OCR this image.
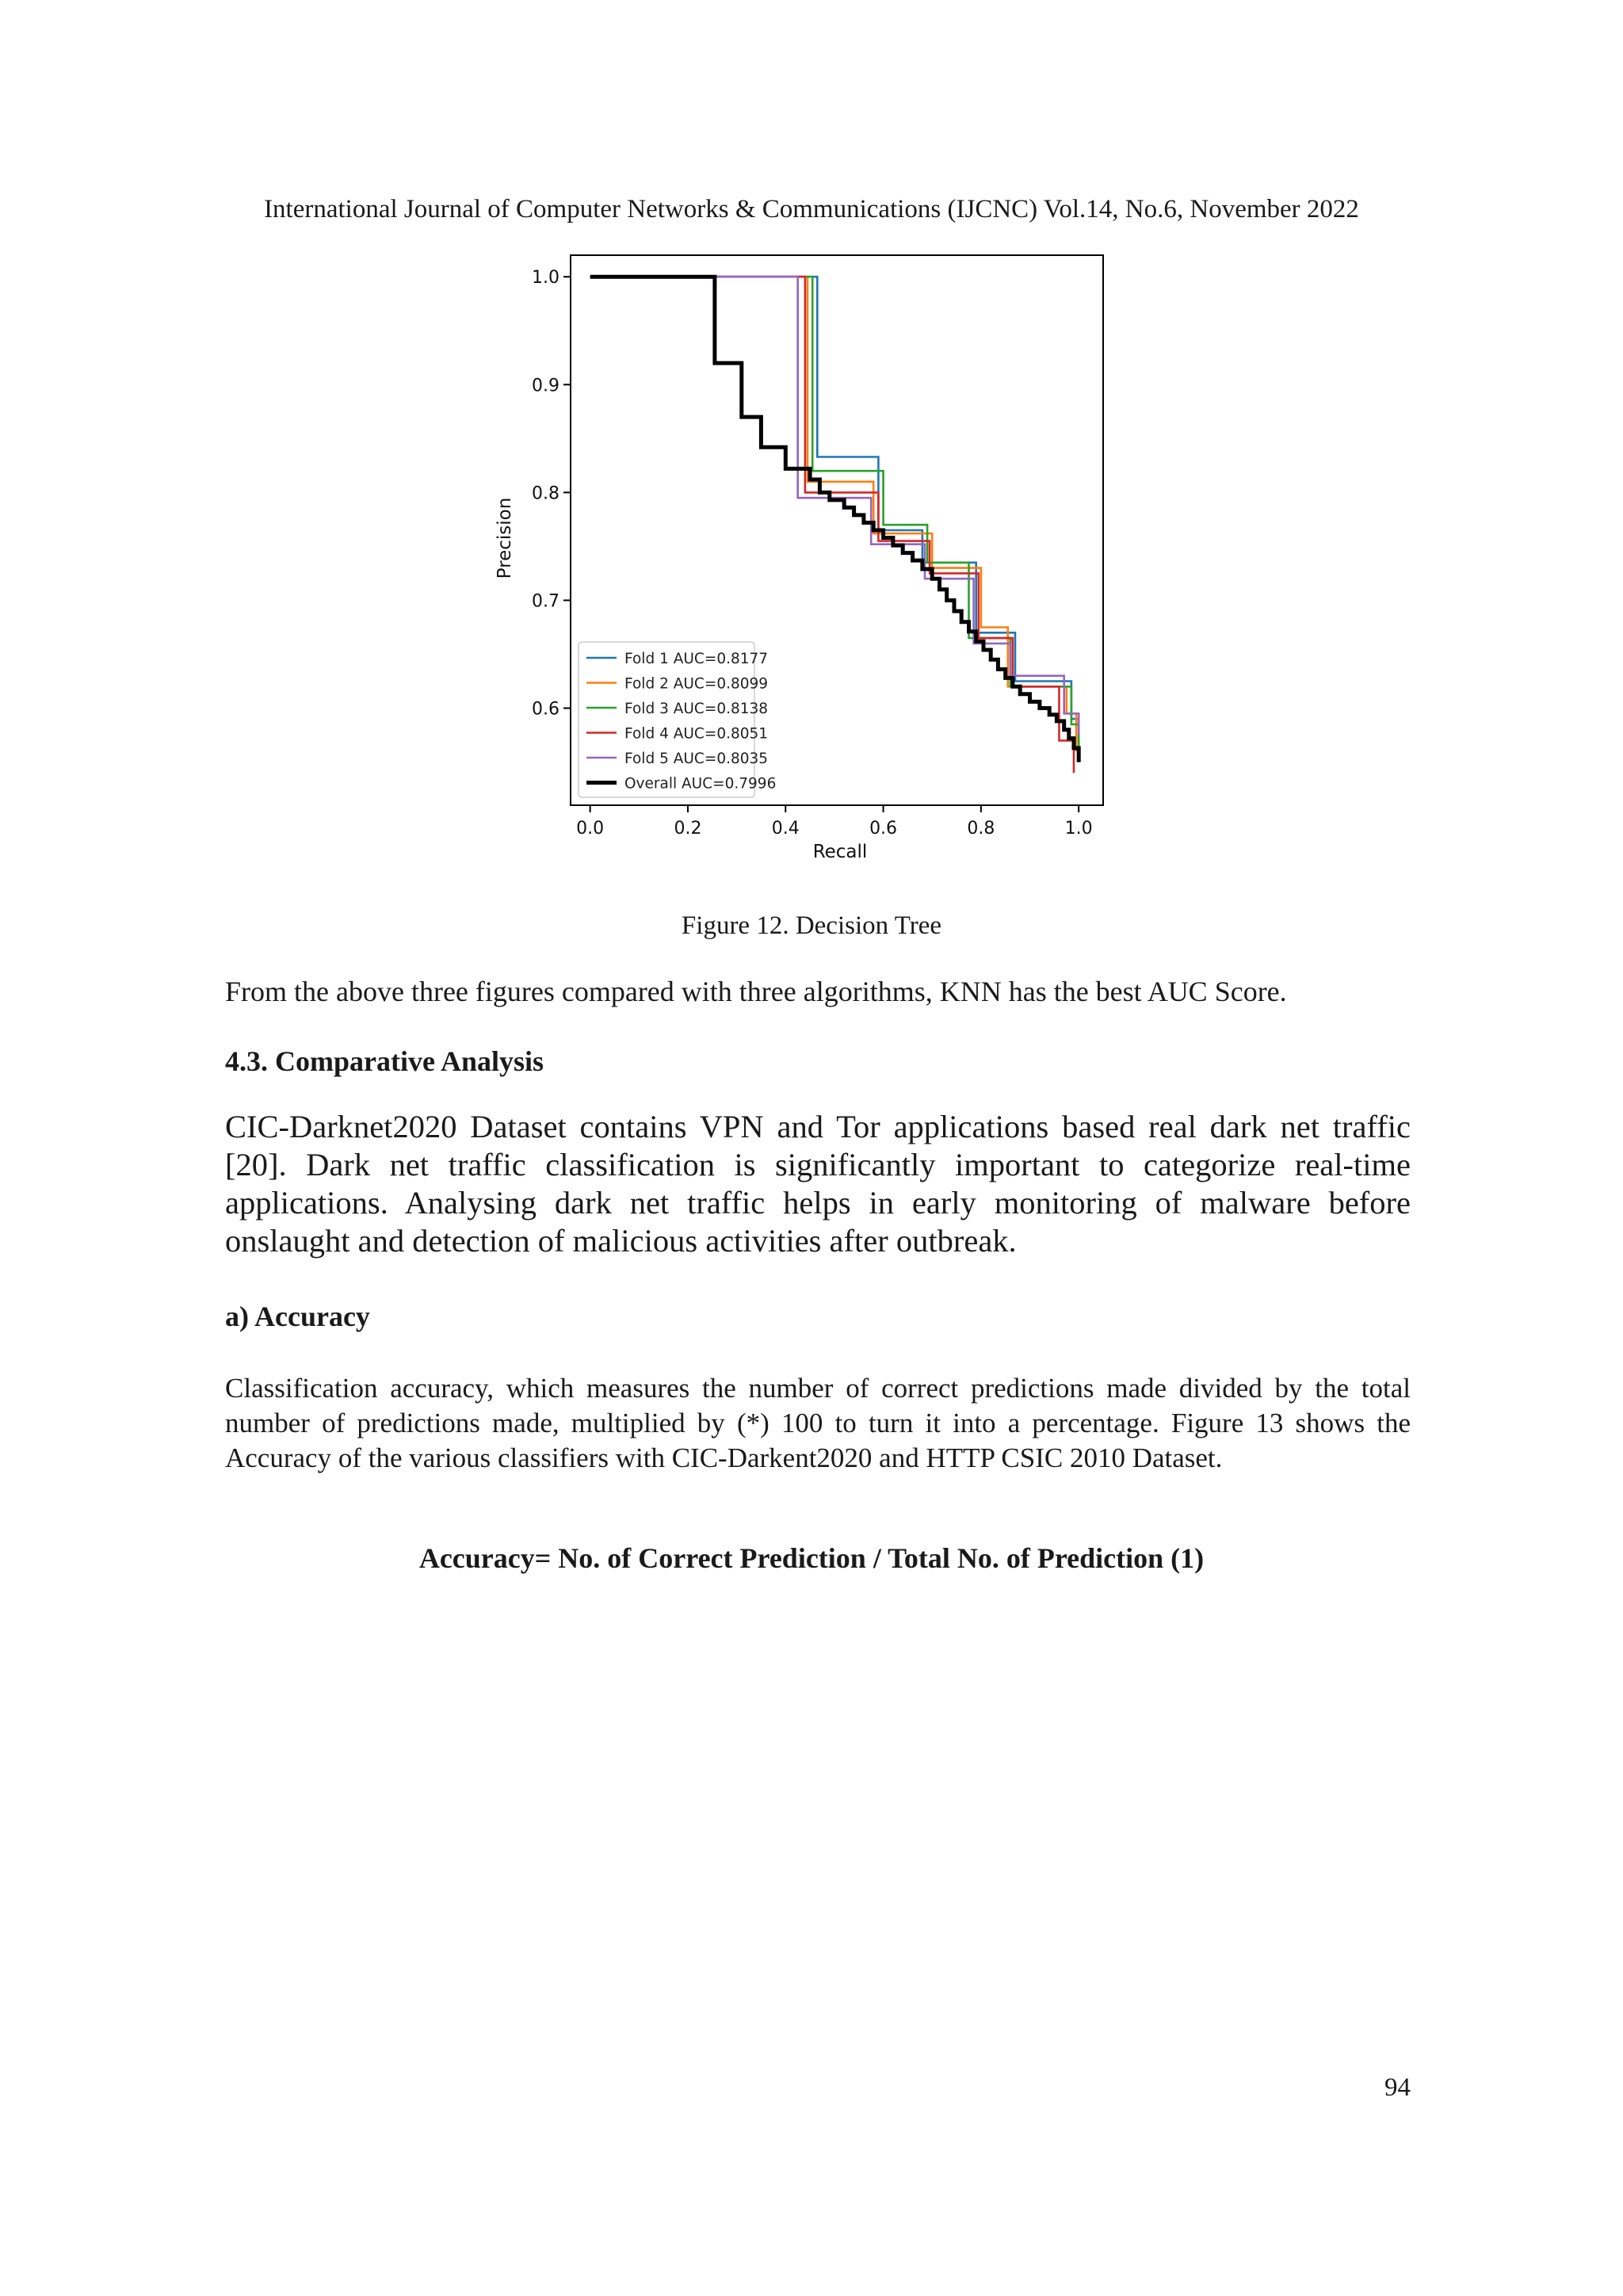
International Journal of Computer Networks & Communications (IJCNC) Vol.14, No.6, November 2022
0.0	0.2	0.4	0.6	0.8	1.0
0.6
0.7
0.8
0.9
1.0
Recall
Precision
Fold 1 AUC=0.8177
Fold 2 AUC=0.8099
Fold 3 AUC=0.8138
Fold 4 AUC=0.8051
Fold 5 AUC=0.8035
Overall AUC=0.7996
Figure 12. Decision Tree
From the above three figures compared with three algorithms, KNN has the best AUC Score.
4.3. Comparative Analysis
CIC-Darknet2020 Dataset contains VPN and Tor applications based real dark net traffic [20]. Dark net traffic classification is significantly important to categorize real-time applications. Analysing dark net traffic helps in early monitoring of malware before onslaught and detection of malicious activities after outbreak.
a) Accuracy
Classification accuracy, which measures the number of correct predictions made divided by the total number of predictions made, multiplied by (*) 100 to turn it into a percentage. Figure 13 shows the Accuracy of the various classifiers with CIC-Darkent2020 and HTTP CSIC 2010 Dataset.
Accuracy= No. of Correct Prediction / Total No. of Prediction (1)
94
